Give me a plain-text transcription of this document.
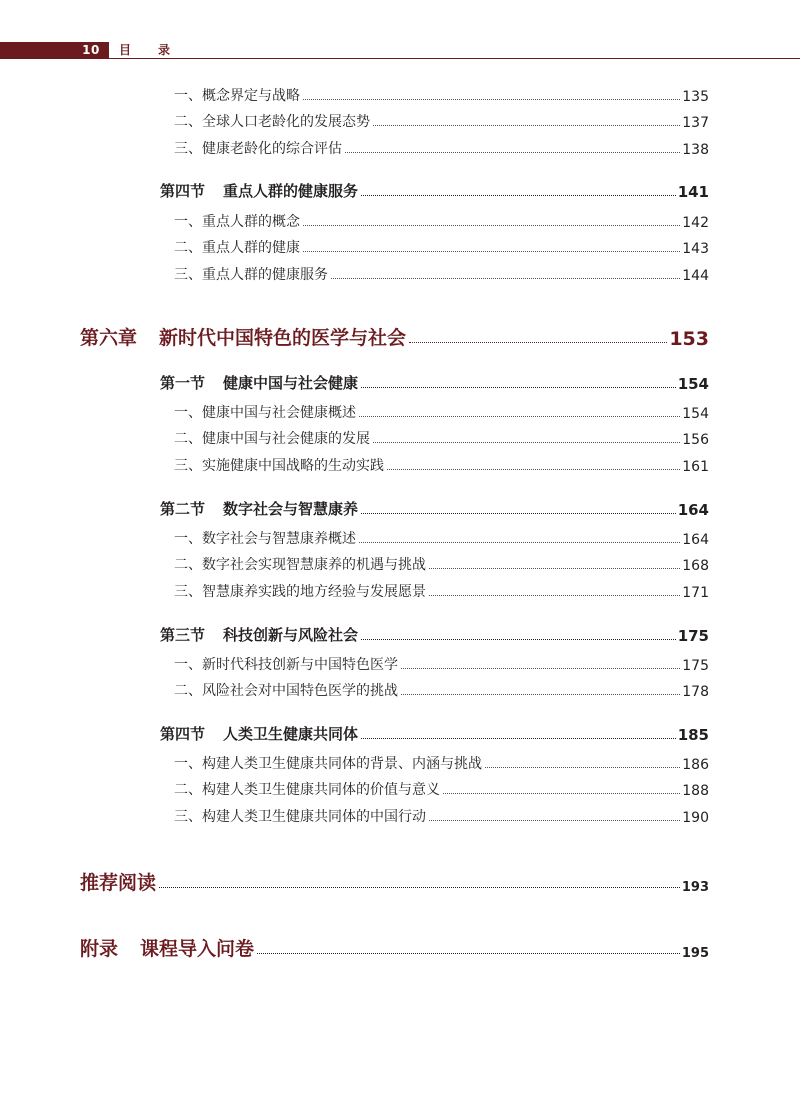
10	目录
一、概念界定与战略	135
二、全球人口老龄化的发展态势	137
三、健康老龄化的综合评估	138
第四节 重点人群的健康服务	141
一、重点人群的概念	142
二、重点人群的健康	143
三、重点人群的健康服务	144
第六章 新时代中国特色的医学与社会	153
第一节 健康中国与社会健康	154
一、健康中国与社会健康概述	154
二、健康中国与社会健康的发展	156
三、实施健康中国战略的生动实践	161
第二节 数字社会与智慧康养	164
一、数字社会与智慧康养概述	164
二、数字社会实现智慧康养的机遇与挑战	168
三、智慧康养实践的地方经验与发展愿景	171
第三节 科技创新与风险社会	175
一、新时代科技创新与中国特色医学	175
二、风险社会对中国特色医学的挑战	178
第四节 人类卫生健康共同体	185
一、构建人类卫生健康共同体的背景、内涵与挑战	186
二、构建人类卫生健康共同体的价值与意义	188
三、构建人类卫生健康共同体的中国行动	190
推荐阅读	193
附录 课程导入问卷	195
